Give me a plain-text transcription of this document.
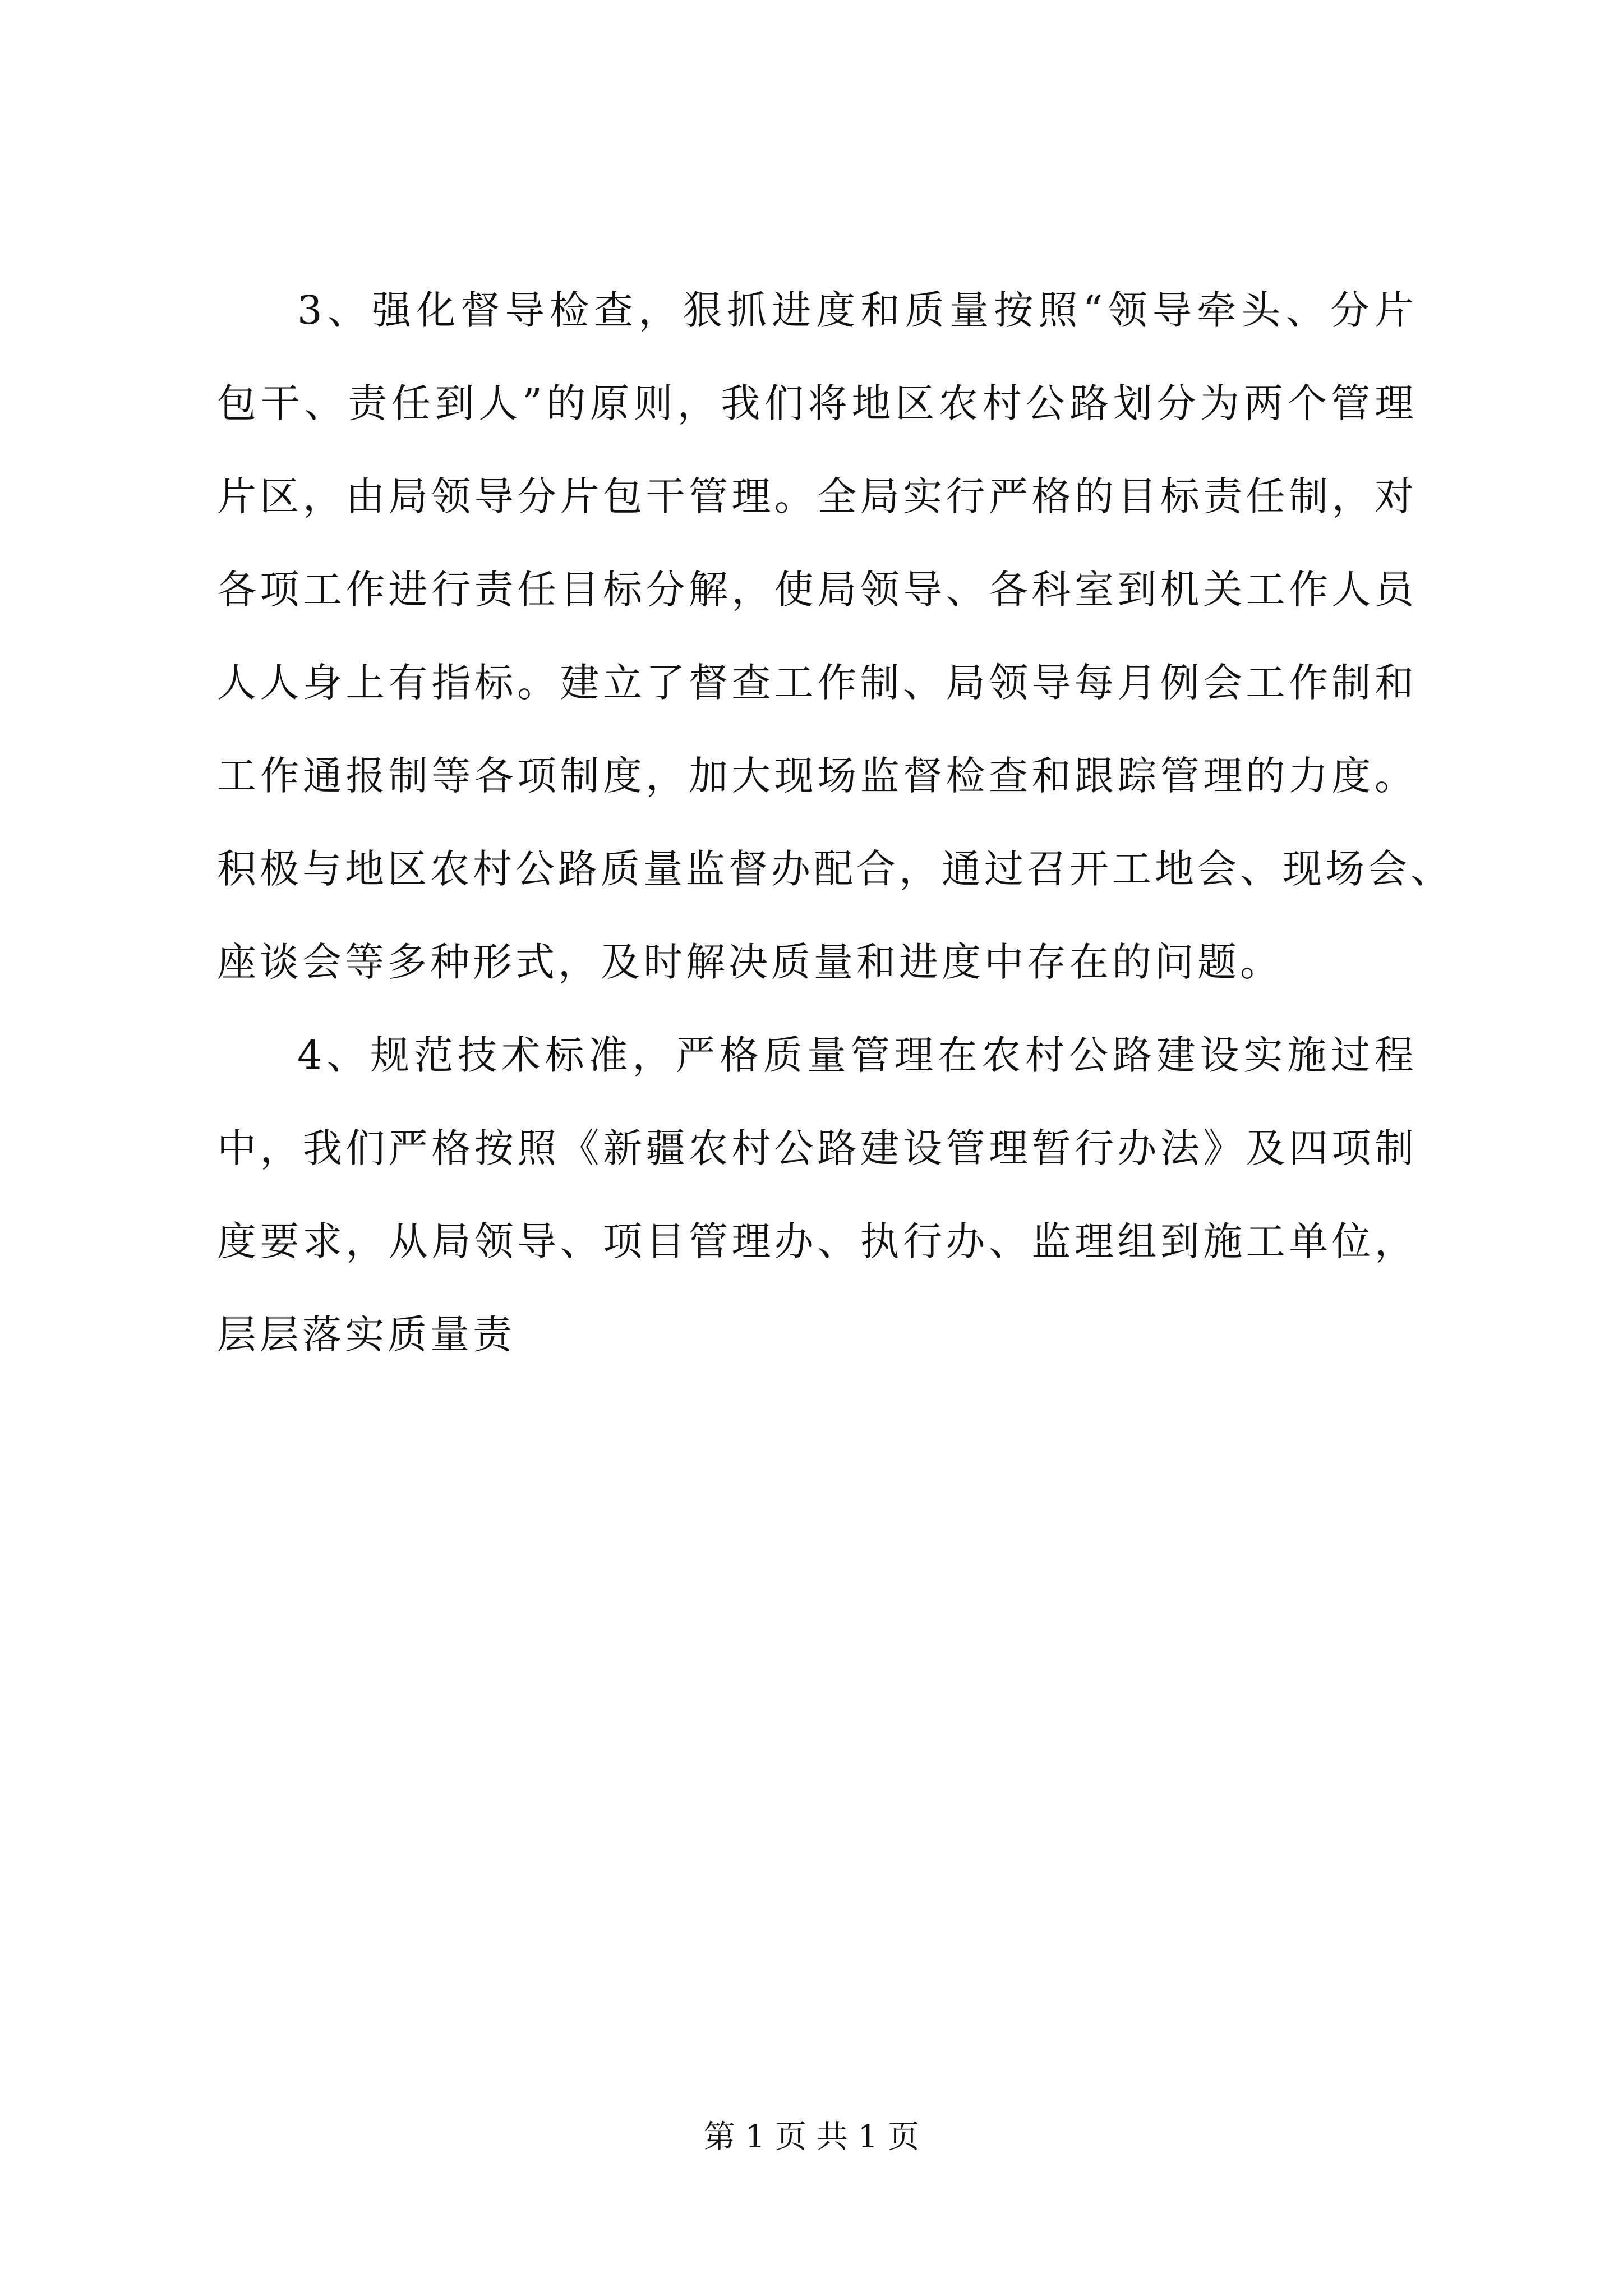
3、强化督导检查，狠抓进度和质量按照“领导牵头、分片
包干、责任到人”的原则，我们将地区农村公路划分为两个管理
片区，由局领导分片包干管理。全局实行严格的目标责任制，对
各项工作进行责任目标分解，使局领导、各科室到机关工作人员
人人身上有指标。建立了督查工作制、局领导每月例会工作制和
工作通报制等各项制度，加大现场监督检查和跟踪管理的力度。
积极与地区农村公路质量监督办配合，通过召开工地会、现场会、
座谈会等多种形式，及时解决质量和进度中存在的问题。
4、规范技术标准，严格质量管理在农村公路建设实施过程
中，我们严格按照《新疆农村公路建设管理暂行办法》及四项制
度要求，从局领导、项目管理办、执行办、监理组到施工单位，
层层落实质量责
第 1 页 共 1 页
